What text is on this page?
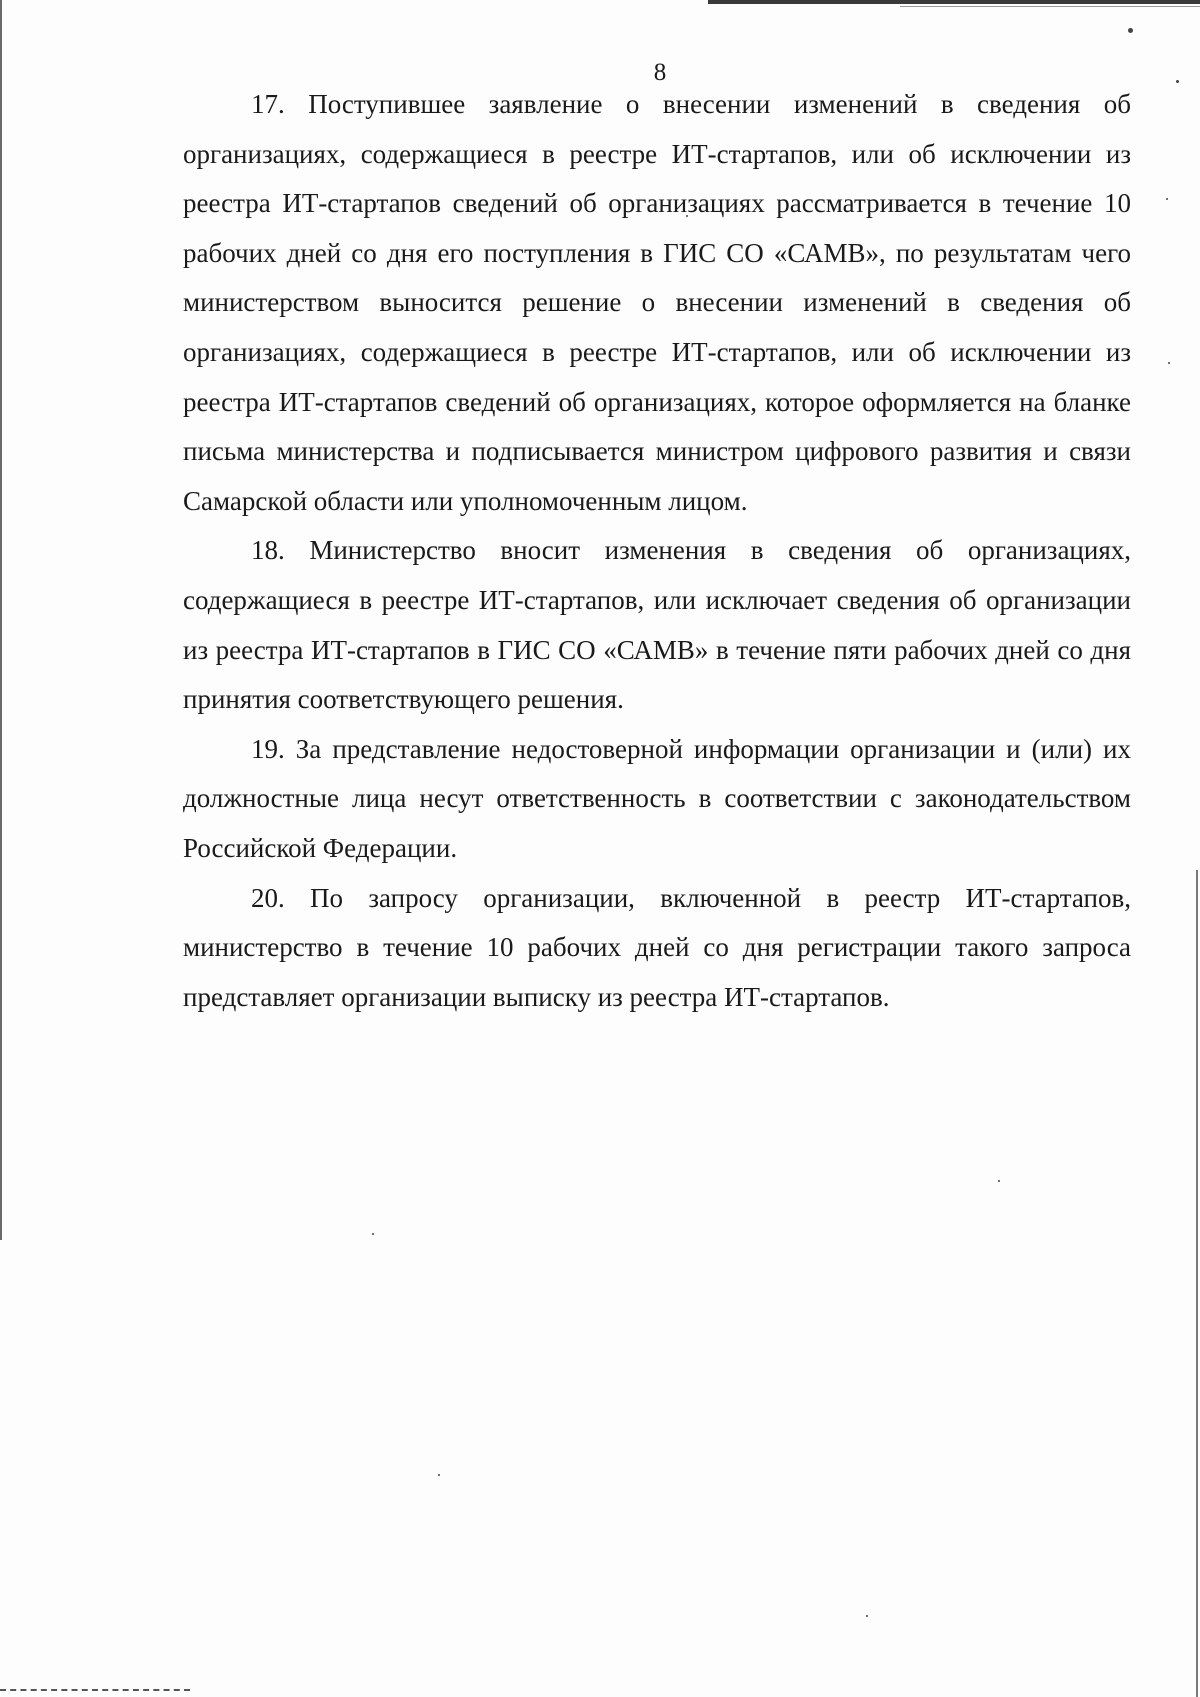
8

17. Поступившее заявление о внесении изменений в сведения об организациях, содержащиеся в реестре ИТ-стартапов, или об исключении из реестра ИТ-стартапов сведений об организациях рассматривается в течение 10 рабочих дней со дня его поступления в ГИС СО «САМВ», по результатам чего министерством выносится решение о внесении изменений в сведения об организациях, содержащиеся в реестре ИТ-стартапов, или об исключении из реестра ИТ-стартапов сведений об организациях, которое оформляется на бланке письма министерства и подписывается министром цифрового развития и связи Самарской области или уполномоченным лицом.

18. Министерство вносит изменения в сведения об организациях, содержащиеся в реестре ИТ-стартапов, или исключает сведения об организации из реестра ИТ-стартапов в ГИС СО «САМВ» в течение пяти рабочих дней со дня принятия соответствующего решения.

19. За представление недостоверной информации организации и (или) их должностные лица несут ответственность в соответствии с законодательством Российской Федерации.

20. По запросу организации, включенной в реестр ИТ-стартапов, министерство в течение 10 рабочих дней со дня регистрации такого запроса представляет организации выписку из реестра ИТ-стартапов.
